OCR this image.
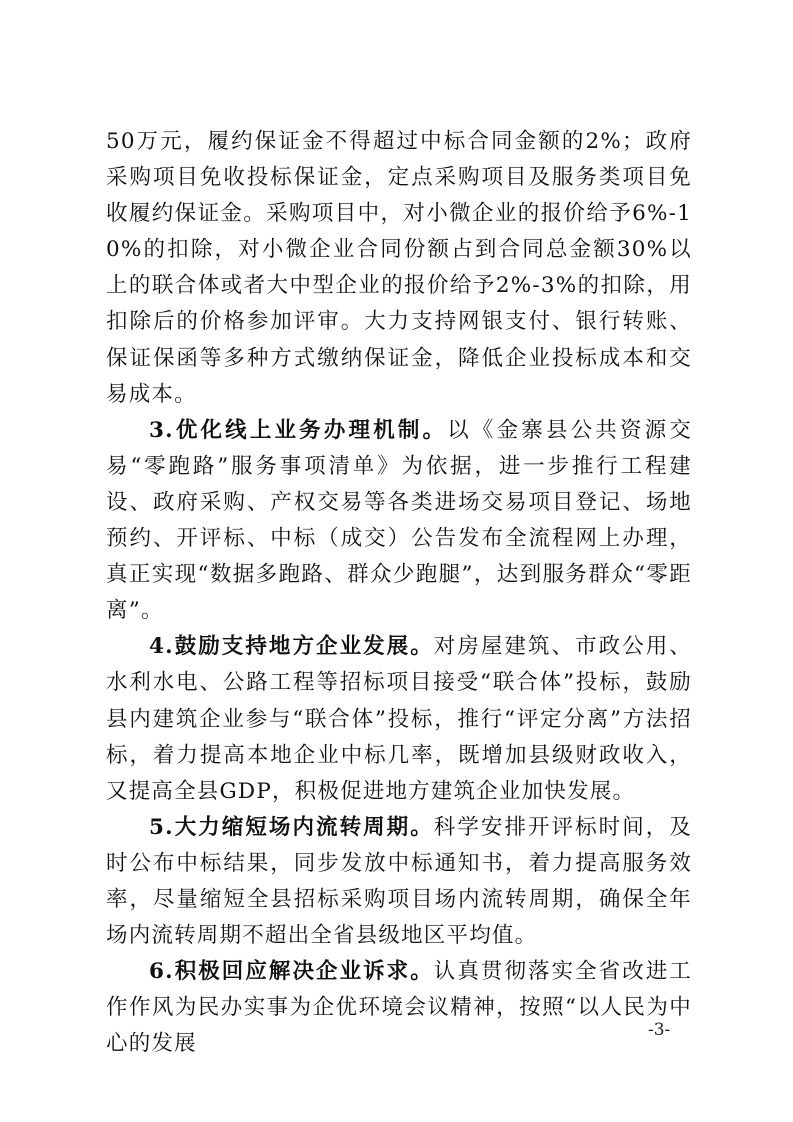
50万元，履约保证金不得超过中标合同金额的2%；政府采购项目免收投标保证金，定点采购项目及服务类项目免收履约保证金。采购项目中，对小微企业的报价给予6%-10%的扣除，对小微企业合同份额占到合同总金额30%以上的联合体或者大中型企业的报价给予2%-3%的扣除，用扣除后的价格参加评审。大力支持网银支付、银行转账、保证保函等多种方式缴纳保证金，降低企业投标成本和交易成本。

3.优化线上业务办理机制。以《金寨县公共资源交易“零跑路”服务事项清单》为依据，进一步推行工程建设、政府采购、产权交易等各类进场交易项目登记、场地预约、开评标、中标（成交）公告发布全流程网上办理，真正实现“数据多跑路、群众少跑腿”，达到服务群众“零距离”。

4.鼓励支持地方企业发展。对房屋建筑、市政公用、水利水电、公路工程等招标项目接受“联合体”投标，鼓励县内建筑企业参与“联合体”投标，推行“评定分离”方法招标，着力提高本地企业中标几率，既增加县级财政收入，又提高全县GDP，积极促进地方建筑企业加快发展。

5.大力缩短场内流转周期。科学安排开评标时间，及时公布中标结果，同步发放中标通知书，着力提高服务效率，尽量缩短全县招标采购项目场内流转周期，确保全年场内流转周期不超出全省县级地区平均值。

6.积极回应解决企业诉求。认真贯彻落实全省改进工作作风为民办实事为企优环境会议精神，按照“以人民为中心的发展

-3-
